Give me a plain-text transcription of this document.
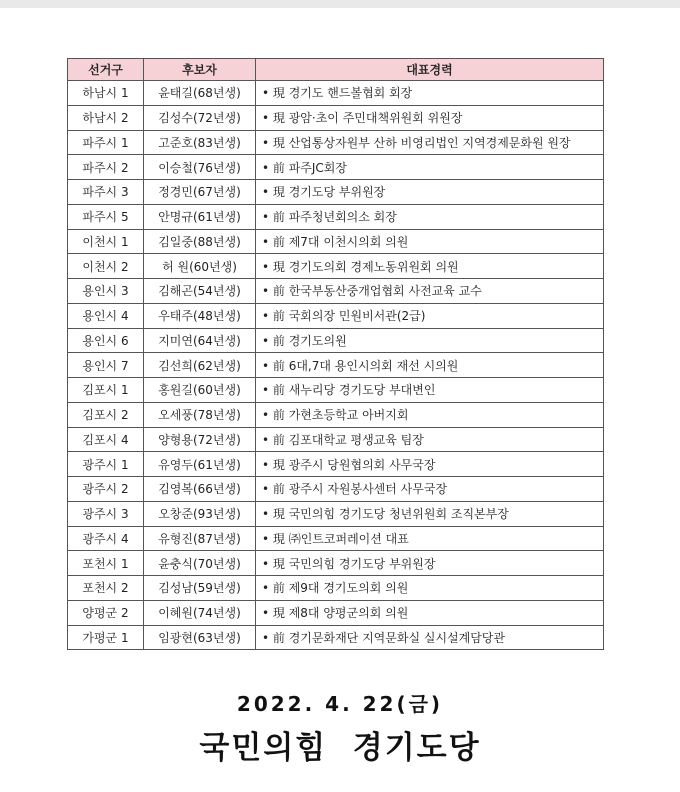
선거구	후보자	대표경력
하남시 1	윤태길(68년생)	• 現 경기도 핸드볼협회 회장
하남시 2	김성수(72년생)	• 現 광암·초이 주민대책위원회 위원장
파주시 1	고준호(83년생)	• 現 산업통상자원부 산하 비영리법인 지역경제문화원 원장
파주시 2	이승철(76년생)	• 前 파주JC회장
파주시 3	정경민(67년생)	• 現 경기도당 부위원장
파주시 5	안명규(61년생)	• 前 파주청년회의소 회장
이천시 1	김일중(88년생)	• 前 제7대 이천시의회 의원
이천시 2	허 원(60년생)	• 現 경기도의회 경제노동위원회 의원
용인시 3	김해곤(54년생)	• 前 한국부동산중개업협회 사전교육 교수
용인시 4	우태주(48년생)	• 前 국회의장 민원비서관(2급)
용인시 6	지미연(64년생)	• 前 경기도의원
용인시 7	김선희(62년생)	• 前 6대,7대 용인시의회 재선 시의원
김포시 1	홍원길(60년생)	• 前 새누리당 경기도당 부대변인
김포시 2	오세풍(78년생)	• 前 가현초등학교 아버지회
김포시 4	양형용(72년생)	• 前 김포대학교 평생교육 팀장
광주시 1	유영두(61년생)	• 現 광주시 당원협의회 사무국장
광주시 2	김영복(66년생)	• 前 광주시 자원봉사센터 사무국장
광주시 3	오창준(93년생)	• 現 국민의힘 경기도당 청년위원회 조직본부장
광주시 4	유형진(87년생)	• 現 ㈜인트코퍼레이션 대표
포천시 1	윤충식(70년생)	• 現 국민의힘 경기도당 부위원장
포천시 2	김성남(59년생)	• 前 제9대 경기도의회 의원
양평군 2	이혜원(74년생)	• 現 제8대 양평군의회 의원
가평군 1	임광현(63년생)	• 前 경기문화재단 지역문화실 실시설계담당관
2022. 4. 22(금)
국민의힘  경기도당
